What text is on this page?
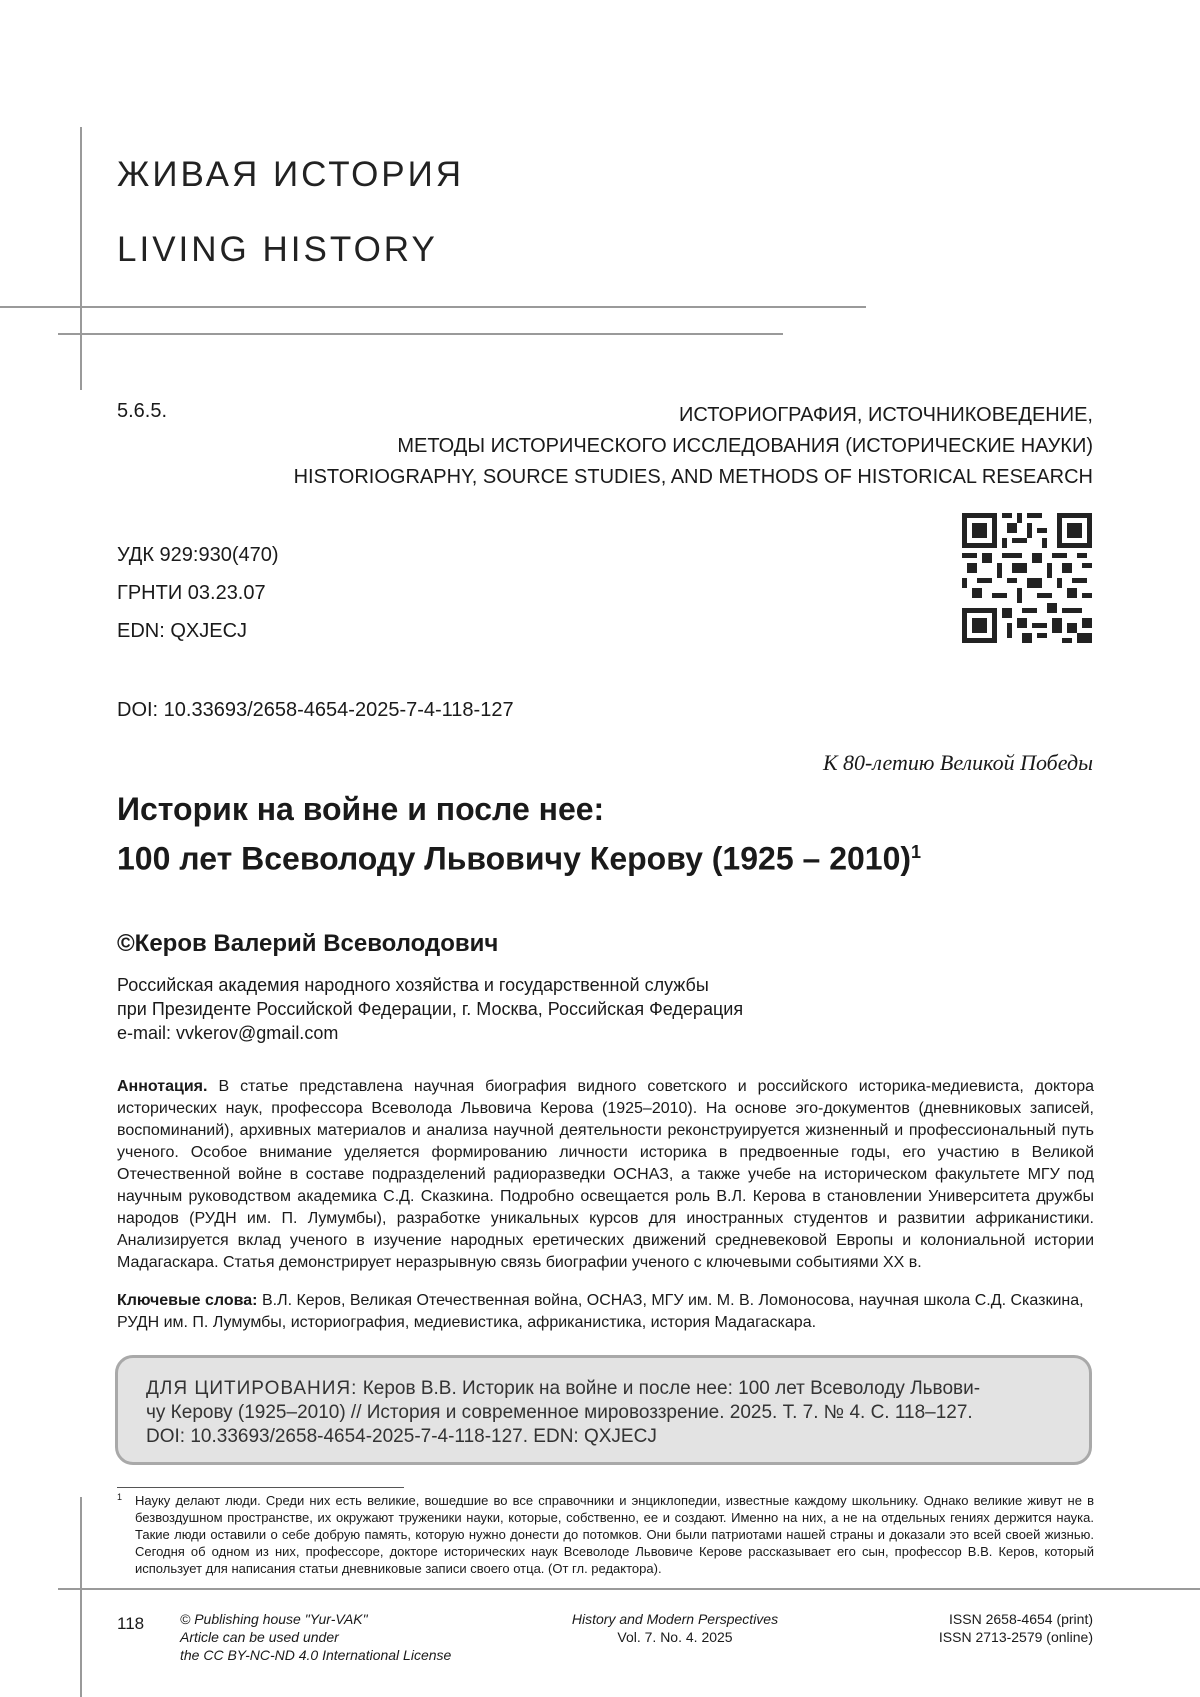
ЖИВАЯ ИСТОРИЯ
LIVING HISTORY
5.6.5.	ИСТОРИОГРАФИЯ, ИСТОЧНИКОВЕДЕНИЕ,
МЕТОДЫ ИСТОРИЧЕСКОГО ИССЛЕДОВАНИЯ (ИСТОРИЧЕСКИЕ НАУКИ)
HISTORIOGRAPHY, SOURCE STUDIES, AND METHODS OF HISTORICAL RESEARCH
УДК 929:930(470)
ГРНТИ 03.23.07
EDN: QXJECJ
DOI: 10.33693/2658-4654-2025-7-4-118-127
К 80-летию Великой Победы
Историк на войне и после нее:
100 лет Всеволоду Львовичу Керову (1925 – 2010)$^1$
©Керов Валерий Всеволодович
Российская академия народного хозяйства и государственной службы
при Президенте Российской Федерации, г. Москва, Российская Федерация
e-mail: vvkerov@gmail.com
Аннотация. В статье представлена научная биография видного советского и российского историка-медиевиста, доктора исторических наук, профессора Всеволода Львовича Керова (1925–2010). На основе эго-документов (дневниковых записей, воспоминаний), архивных материалов и анализа научной деятельности реконструируется жизненный и профессиональный путь ученого. Особое внимание уделяется формированию личности историка в предвоенные годы, его участию в Великой Отечественной войне в составе подразделений радиоразведки ОСНАЗ, а также учебе на историческом факультете МГУ под научным руководством академика С.Д. Сказкина. Подробно освещается роль В.Л. Керова в становлении Университета дружбы народов (РУДН им. П. Лумумбы), разработке уникальных курсов для иностранных студентов и развитии африканистики. Анализируется вклад ученого в изучение народных еретических движений средневековой Европы и колониальной истории Мадагаскара. Статья демонстрирует неразрывную связь биографии ученого с ключевыми событиями XX в.
Ключевые слова: В.Л. Керов, Великая Отечественная война, ОСНАЗ, МГУ им. М. В. Ломоносова, научная школа С.Д. Сказкина, РУДН им. П. Лумумбы, историография, медиевистика, африканистика, история Мадагаскара.
ДЛЯ ЦИТИРОВАНИЯ: Керов В.В. Историк на войне и после нее: 100 лет Всеволоду Львови-
чу Керову (1925–2010) // История и современное мировоззрение. 2025. Т. 7. № 4. С. 118–127.
DOI: 10.33693/2658-4654-2025-7-4-118-127. EDN: QXJECJ
1 Науку делают люди. Среди них есть великие, вошедшие во все справочники и энциклопедии, известные каждому школьнику. Однако великие живут не в безвоздушном пространстве, их окружают труженики науки, которые, собственно, ее и создают. Именно на них, а не на отдельных гениях держится наука. Такие люди оставили о себе добрую память, которую нужно донести до потомков. Они были патриотами нашей страны и доказали это всей своей жизнью. Сегодня об одном из них, профессоре, докторе исторических наук Всеволоде Львовиче Керове рассказывает его сын, профессор В.В. Керов, который использует для написания статьи дневниковые записи своего отца. (От гл. редактора).
118	© Publishing house "Yur-VAK"
Article can be used under
the CC BY-NC-ND 4.0 International License
History and Modern Perspectives
Vol. 7. No. 4. 2025
ISSN 2658-4654 (print)
ISSN 2713-2579 (online)
